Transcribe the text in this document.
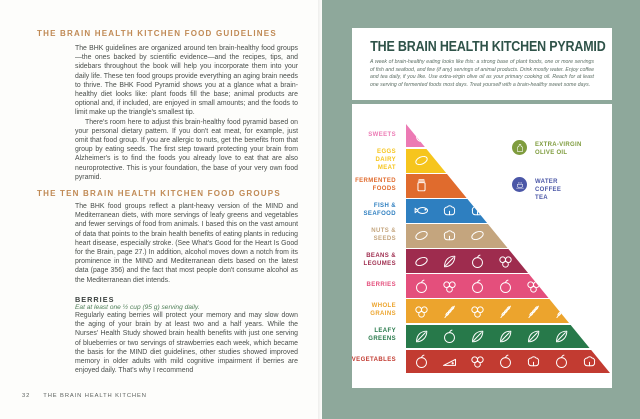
THE BRAIN HEALTH KITCHEN FOOD GUIDELINES

The BHK guidelines are organized around ten brain-healthy food groups—the ones backed by scientific evidence—and the recipes, tips, and sidebars throughout the book will help you incorporate them into your daily life. These ten food groups provide everything an aging brain needs to thrive. The BHK Food Pyramid shows you at a glance what a brain-healthy diet looks like: plant foods fill the base; animal products are optional and, if included, are enjoyed in small amounts; and the foods to limit make up the triangle's smallest tip.

There's room here to adjust this brain-healthy food pyramid based on your personal dietary pattern. If you don't eat meat, for example, just omit that food group. If you are allergic to nuts, get the benefits from that group by eating seeds. The first step toward protecting your brain from Alzheimer's is to find the foods you already love to eat that are also neuroprotective. This is your foundation, the base of your very own food pyramid.

THE TEN BRAIN HEALTH KITCHEN FOOD GROUPS

The BHK food groups reflect a plant-heavy version of the MIND and Mediterranean diets, with more servings of leafy greens and vegetables and fewer servings of food from animals. I based this on the vast amount of data that points to the brain health benefits of eating plants in reducing heart disease, especially stroke. (See What's Good for the Heart Is Good for the Brain, page 27.) In addition, alcohol moves down a notch from its prominence in the MIND and Mediterranean diets based on the latest data (page 356) and the fact that most people don't consume alcohol as the Mediterranean diet intends.

BERRIES

Eat at least one ½ cup (95 g) serving daily.

Regularly eating berries will protect your memory and may slow down the aging of your brain by at least two and a half years. While the Nurses' Health Study showed brain health benefits with just one serving of blueberries or two servings of strawberries each week, which became the basis for the MIND diet guidelines, other studies showed improved memory in older adults with mild cognitive impairment if berries are enjoyed daily. That's why I recommend

32 THE BRAIN HEALTH KITCHEN
THE BRAIN HEALTH KITCHEN PYRAMID

A week of brain-healthy eating looks like this: a strong base of plant foods, one or more servings of fish and seafood, and few (if any) servings of animal products. Drink mostly water. Enjoy coffee and tea daily, if you like. Use extra-virgin olive oil as your primary cooking oil. Reach for at least one serving of fermented foods most days. Treat yourself with a brain-healthy sweet some days.

SWEETS
EGGS
DAIRY
MEAT
FERMENTED
FOODS
FISH &
SEAFOOD
NUTS &
SEEDS
BEANS &
LEGUMES
BERRIES
WHOLE
GRAINS
LEAFY
GREENS
VEGETABLES
EXTRA-VIRGIN
OLIVE OIL
WATER
COFFEE
TEA
